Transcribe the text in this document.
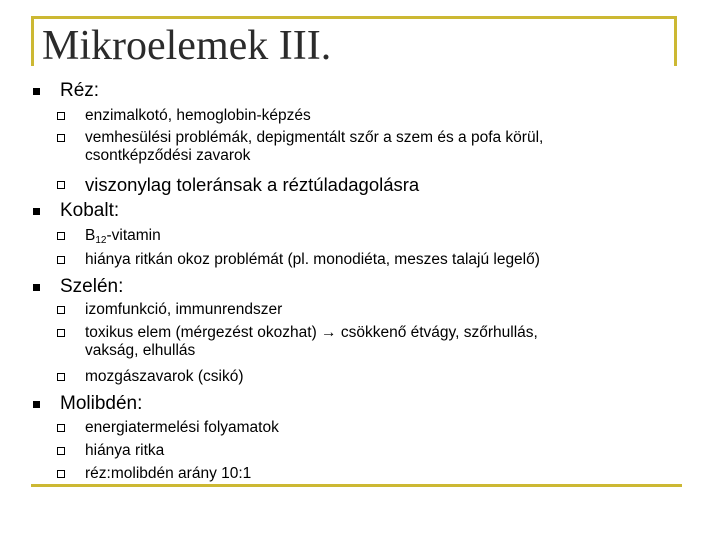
Mikroelemek III.
Réz:
enzimalkotó, hemoglobin-képzés
vemhesülési problémák, depigmentált szőr a szem és a pofa körül,
csontképződési zavarok
viszonylag toleránsak a réztúladagolásra
Kobalt:
$B_{12}$-vitamin
hiánya ritkán okoz problémát (pl. monodiéta, meszes talajú legelő)
Szelén:
izomfunkció, immunrendszer
toxikus elem (mérgezést okozhat) → csökkenő étvágy, szőrhullás,
vakság, elhullás
mozgászavarok (csikó)
Molibdén:
energiatermelési folyamatok
hiánya ritka
réz:molibdén arány 10:1
